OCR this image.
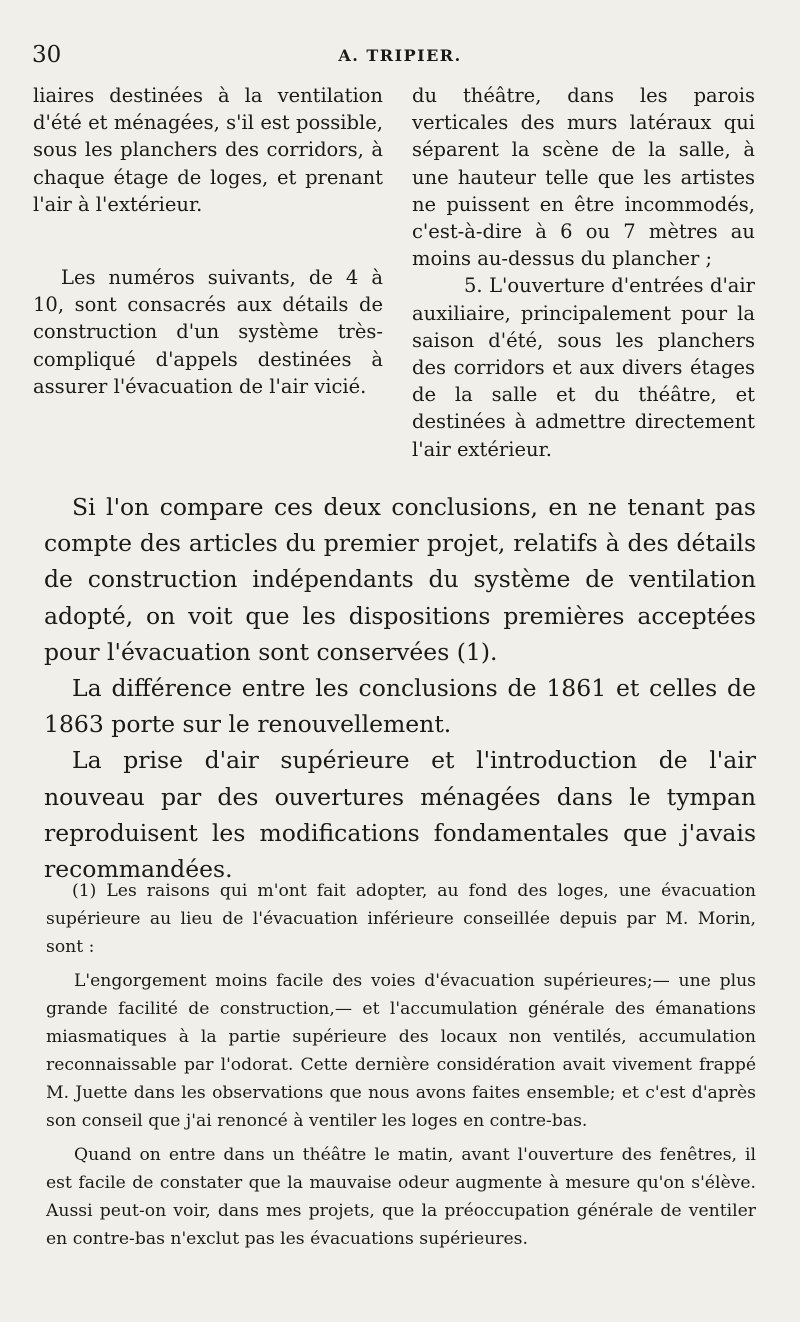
30	A. TRIPIER.

liaires destinées à la ventilation d'été et ménagées, s'il est possible, sous les planchers des corridors, à chaque étage de loges, et prenant l'air à l'extérieur.

Les numéros suivants, de 4 à 10, sont consacrés aux détails de construction d'un système très-compliqué d'appels destinées à assurer l'évacuation de l'air vicié.

du théâtre, dans les parois verticales des murs latéraux qui séparent la scène de la salle, à une hauteur telle que les artistes ne puissent en être incommodés, c'est-à-dire à 6 ou 7 mètres au moins au-dessus du plancher ;

5. L'ouverture d'entrées d'air auxiliaire, principalement pour la saison d'été, sous les planchers des corridors et aux divers étages de la salle et du théâtre, et destinées à admettre directement l'air extérieur.

Si l'on compare ces deux conclusions, en ne tenant pas compte des articles du premier projet, relatifs à des détails de construction indépendants du système de ventilation adopté, on voit que les dispositions premières acceptées pour l'évacuation sont conservées (1).

La différence entre les conclusions de 1861 et celles de 1863 porte sur le renouvellement.

La prise d'air supérieure et l'introduction de l'air nouveau par des ouvertures ménagées dans le tympan reproduisent les modifications fondamentales que j'avais recommandées.

(1) Les raisons qui m'ont fait adopter, au fond des loges, une évacuation supérieure au lieu de l'évacuation inférieure conseillée depuis par M. Morin, sont :

L'engorgement moins facile des voies d'évacuation supérieures;— une plus grande facilité de construction,— et l'accumulation générale des émanations miasmatiques à la partie supérieure des locaux non ventilés, accumulation reconnaissable par l'odorat. Cette dernière considération avait vivement frappé M. Juette dans les observations que nous avons faites ensemble; et c'est d'après son conseil que j'ai renoncé à ventiler les loges en contre-bas.

Quand on entre dans un théâtre le matin, avant l'ouverture des fenêtres, il est facile de constater que la mauvaise odeur augmente à mesure qu'on s'élève. Aussi peut-on voir, dans mes projets, que la préoccupation générale de ventiler en contre-bas n'exclut pas les évacuations supérieures.
